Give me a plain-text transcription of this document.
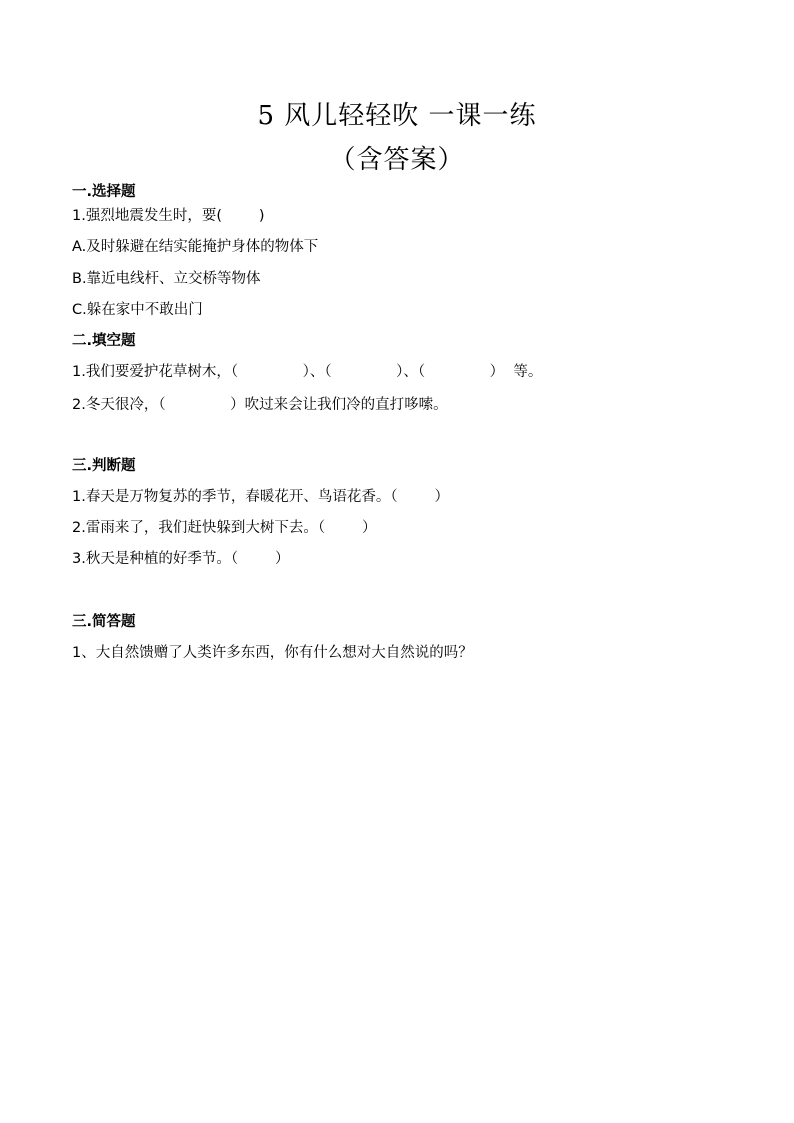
5 风儿轻轻吹 一课一练
（含答案）
一.选择题
1.强烈地震发生时，要(        )
A.及时躲避在结实能掩护身体的物体下
B.靠近电线杆、立交桥等物体
C.躲在家中不敢出门
二.填空题
1.我们要爱护花草树木，（              ）、（              ）、（              ）  等。
2.冬天很冷，（              ）吹过来会让我们冷的直打哆嗦。
三.判断题
1.春天是万物复苏的季节，春暖花开、鸟语花香。（        ）
2.雷雨来了，我们赶快躲到大树下去。（        ）
3.秋天是种植的好季节。（        ）
三.简答题
1、大自然馈赠了人类许多东西，你有什么想对大自然说的吗？
